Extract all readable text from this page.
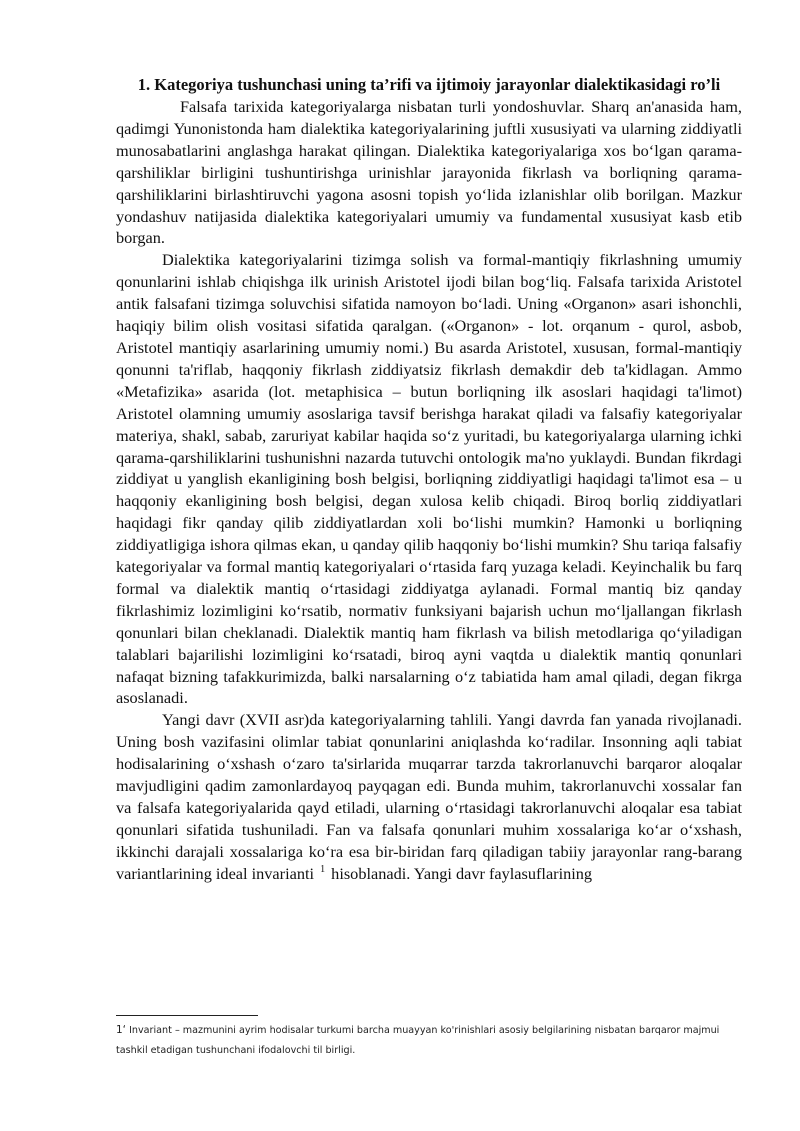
1. Kategoriya tushunchasi uning ta’rifi va ijtimoiy jarayonlar dialektikasidagi ro’li

Falsafa tarixida kategoriyalarga nisbatan turli yondoshuvlar. Sharq an'anasida ham, qadimgi Yunonistonda ham dialektika kategoriyalarining juftli xususiyati va ularning ziddiyatli munosabatlarini anglashga harakat qilingan. Dialektika kategoriyalariga xos bo‘lgan qarama-qarshiliklar birligini tushuntirishga urinishlar jarayonida fikrlash va borliqning qarama-qarshiliklarini birlashtiruvchi yagona asosni topish yo‘lida izlanishlar olib borilgan. Mazkur yondashuv natijasida dialektika kategoriyalari umumiy va fundamental xususiyat kasb etib borgan.

Dialektika kategoriyalarini tizimga solish va formal-mantiqiy fikrlashning umumiy qonunlarini ishlab chiqishga ilk urinish Aristotel ijodi bilan bog‘liq. Falsafa tarixida Aristotel antik falsafani tizimga soluvchisi sifatida namoyon bo‘ladi. Uning «Organon» asari ishonchli, haqiqiy bilim olish vositasi sifatida qaralgan. («Organon» - lot. orqanum - qurol, asbob, Aristotel mantiqiy asarlarining umumiy nomi.) Bu asarda Aristotel, xususan, formal-mantiqiy qonunni ta'riflab, haqqoniy fikrlash ziddiyatsiz fikrlash demakdir deb ta'kidlagan. Ammo «Metafizika» asarida (lot. metaphisica – butun borliqning ilk asoslari haqidagi ta'limot) Aristotel olamning umumiy asoslariga tavsif berishga harakat qiladi va falsafiy kategoriyalar materiya, shakl, sabab, zaruriyat kabilar haqida so‘z yuritadi, bu kategoriyalarga ularning ichki qarama-qarshiliklarini tushunishni nazarda tutuvchi ontologik ma'no yuklaydi. Bundan fikrdagi ziddiyat u yanglish ekanligining bosh belgisi, borliqning ziddiyatligi haqidagi ta'limot esa – u haqqoniy ekanligining bosh belgisi, degan xulosa kelib chiqadi. Biroq borliq ziddiyatlari haqidagi fikr qanday qilib ziddiyatlardan xoli bo‘lishi mumkin? Hamonki u borliqning ziddiyatligiga ishora qilmas ekan, u qanday qilib haqqoniy bo‘lishi mumkin? Shu tariqa falsafiy kategoriyalar va formal mantiq kategoriyalari o‘rtasida farq yuzaga keladi. Keyinchalik bu farq formal va dialektik mantiq o‘rtasidagi ziddiyatga aylanadi. Formal mantiq biz qanday fikrlashimiz lozimligini ko‘rsatib, normativ funksiyani bajarish uchun mo‘ljallangan fikrlash qonunlari bilan cheklanadi. Dialektik mantiq ham fikrlash va bilish metodlariga qo‘yiladigan talablari bajarilishi lozimligini ko‘rsatadi, biroq ayni vaqtda u dialektik mantiq qonunlari nafaqat bizning tafakkurimizda, balki narsalarning o‘z tabiatida ham amal qiladi, degan fikrga asoslanadi.

Yangi davr (XVII asr)da kategoriyalarning tahlili. Yangi davrda fan yanada rivojlanadi. Uning bosh vazifasini olimlar tabiat qonunlarini aniqlashda ko‘radilar. Insonning aqli tabiat hodisalarining o‘xshash o‘zaro ta'sirlarida muqarrar tarzda takrorlanuvchi barqaror aloqalar mavjudligini qadim zamonlardayoq payqagan edi. Bunda muhim, takrorlanuvchi xossalar fan va falsafa kategoriyalarida qayd etiladi, ularning o‘rtasidagi takrorlanuvchi aloqalar esa tabiat qonunlari sifatida tushuniladi. Fan va falsafa qonunlari muhim xossalariga ko‘ar o‘xshash, ikkinchi darajali xossalariga ko‘ra esa bir-biridan farq qiladigan tabiiy jarayonlar rang-barang variantlarining ideal invarianti $^1$ hisoblanadi. Yangi davr faylasuflarining

1‘ Invariant – mazmunini ayrim hodisalar turkumi barcha muayyan ko'rinishlari asosiy belgilarining nisbatan barqaror majmui tashkil etadigan tushunchani ifodalovchi til birligi.
